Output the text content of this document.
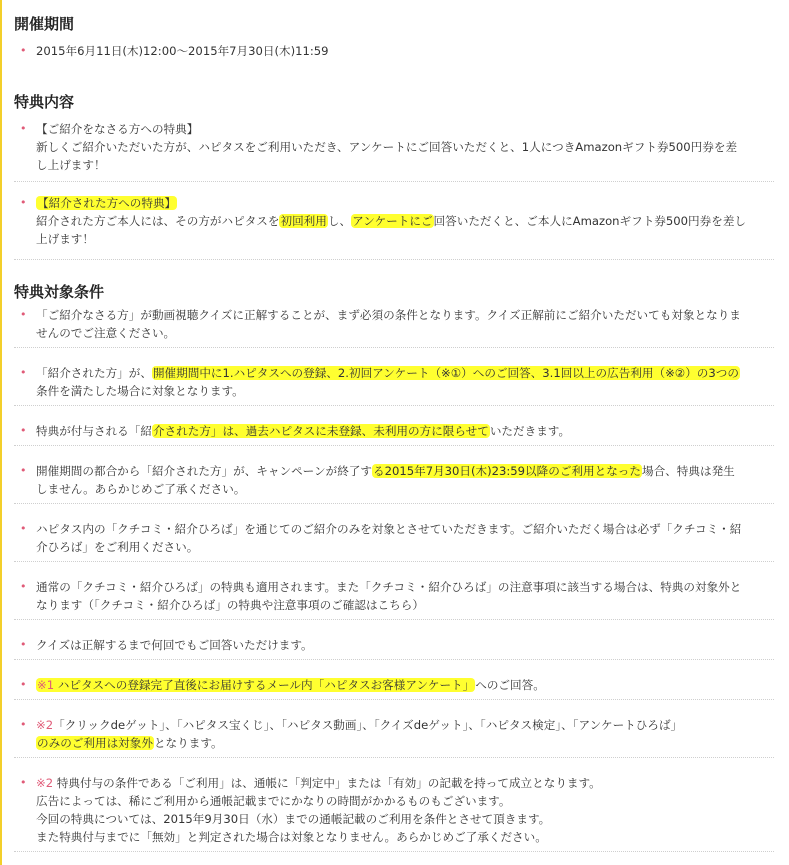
開催期間
• 2015年6月11日(木)12:00〜2015年7月30日(木)11:59
特典内容
• 【ご紹介をなさる方への特典】
新しくご紹介いただいた方が、ハピタスをご利用いただき、アンケートにご回答いただくと、1人につきAmazonギフト券500円券を差
し上げます！
• 【紹介された方への特典】
紹介された方ご本人には、その方がハピタスを初回利用し、アンケートにご回答いただくと、ご本人にAmazonギフト券500円券を差し
上げます！
特典対象条件
• 「ご紹介なさる方」が動画視聴クイズに正解することが、まず必須の条件となります。クイズ正解前にご紹介いただいても対象となりま
せんのでご注意ください。
• 「紹介された方」が、開催期間中に1.ハピタスへの登録、2.初回アンケート（※①）へのご回答、3.1回以上の広告利用（※②）の3つの
条件を満たした場合に対象となります。
• 特典が付与される「紹介された方」は、過去ハピタスに未登録、未利用の方に限らせていただきます。
• 開催期間の都合から「紹介された方」が、キャンペーンが終了する2015年7月30日(木)23:59以降のご利用となった場合、特典は発生
しません。あらかじめご了承ください。
• ハピタス内の「クチコミ・紹介ひろば」を通じてのご紹介のみを対象とさせていただきます。ご紹介いただく場合は必ず「クチコミ・紹
介ひろば」をご利用ください。
• 通常の「クチコミ・紹介ひろば」の特典も適用されます。また「クチコミ・紹介ひろば」の注意事項に該当する場合は、特典の対象外と
なります（「クチコミ・紹介ひろば」の特典や注意事項のご確認はこちら）
• クイズは正解するまで何回でもご回答いただけます。
• ※1 ハピタスへの登録完了直後にお届けするメール内「ハピタスお客様アンケート」へのご回答。
• ※2「クリックdeゲット」、「ハピタス宝くじ」、「ハピタス動画」、「クイズdeゲット」、「ハピタス検定」、「アンケートひろば」
のみのご利用は対象外となります。
• ※2 特典付与の条件である「ご利用」は、通帳に「判定中」または「有効」の記載を持って成立となります。
広告によっては、稀にご利用から通帳記載までにかなりの時間がかかるものもございます。
今回の特典については、2015年9月30日（水）までの通帳記載のご利用を条件とさせて頂きます。
また特典付与までに「無効」と判定された場合は対象となりません。あらかじめご了承ください。
